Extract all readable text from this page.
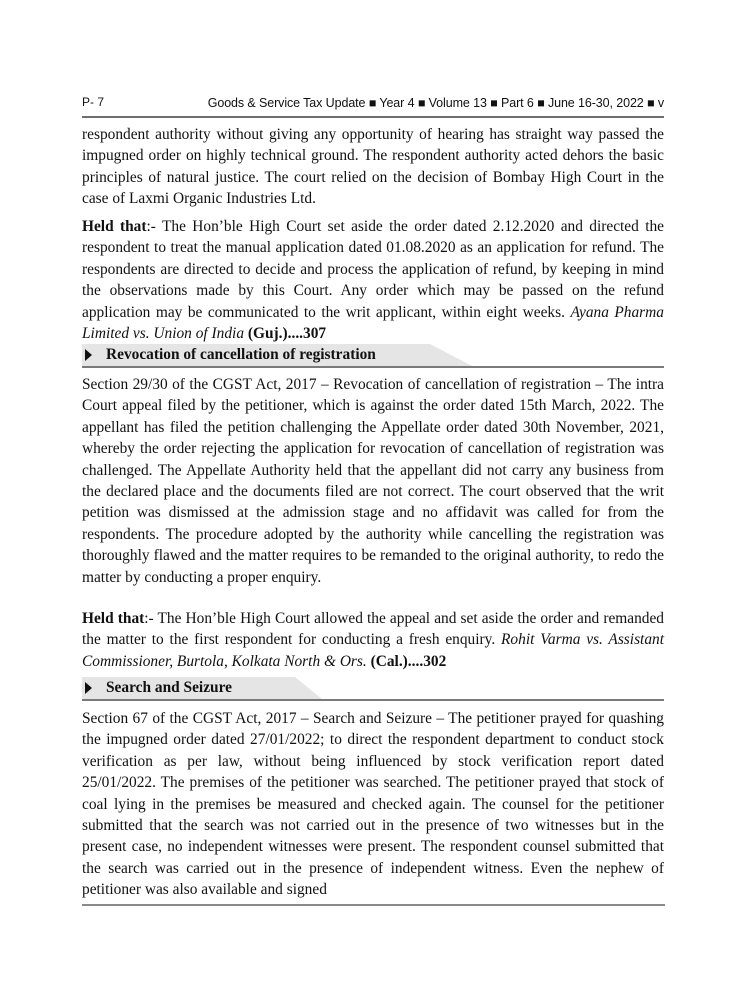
P- 7	Goods & Service Tax Update ■ Year 4 ■ Volume 13 ■ Part 6 ■ June 16-30, 2022 ■ v

respondent authority without giving any opportunity of hearing has straight way passed the impugned order on highly technical ground. The respondent authority acted dehors the basic principles of natural justice. The court relied on the decision of Bombay High Court in the case of Laxmi Organic Industries Ltd.

Held that:- The Hon’ble High Court set aside the order dated 2.12.2020 and directed the respondent to treat the manual application dated 01.08.2020 as an application for refund. The respondents are directed to decide and process the application of refund, by keeping in mind the observations made by this Court. Any order which may be passed on the refund application may be communicated to the writ applicant, within eight weeks. Ayana Pharma Limited vs. Union of India (Guj.)....307

Revocation of cancellation of registration

Section 29/30 of the CGST Act, 2017 – Revocation of cancellation of registration – The intra Court appeal filed by the petitioner, which is against the order dated 15th March, 2022. The appellant has filed the petition challenging the Appellate order dated 30th November, 2021, whereby the order rejecting the application for revocation of cancellation of registration was challenged. The Appellate Authority held that the appellant did not carry any business from the declared place and the documents filed are not correct. The court observed that the writ petition was dismissed at the admission stage and no affidavit was called for from the respondents. The procedure adopted by the authority while cancelling the registration was thoroughly flawed and the matter requires to be remanded to the original authority, to redo the matter by conducting a proper enquiry.

Held that:- The Hon’ble High Court allowed the appeal and set aside the order and remanded the matter to the first respondent for conducting a fresh enquiry. Rohit Varma vs. Assistant Commissioner, Burtola, Kolkata North & Ors. (Cal.)....302

Search and Seizure

Section 67 of the CGST Act, 2017 – Search and Seizure – The petitioner prayed for quashing the impugned order dated 27/01/2022; to direct the respondent department to conduct stock verification as per law, without being influenced by stock verification report dated 25/01/2022. The premises of the petitioner was searched. The petitioner prayed that stock of coal lying in the premises be measured and checked again. The counsel for the petitioner submitted that the search was not carried out in the presence of two witnesses but in the present case, no independent witnesses were present. The respondent counsel submitted that the search was carried out in the presence of independent witness. Even the nephew of petitioner was also available and signed
